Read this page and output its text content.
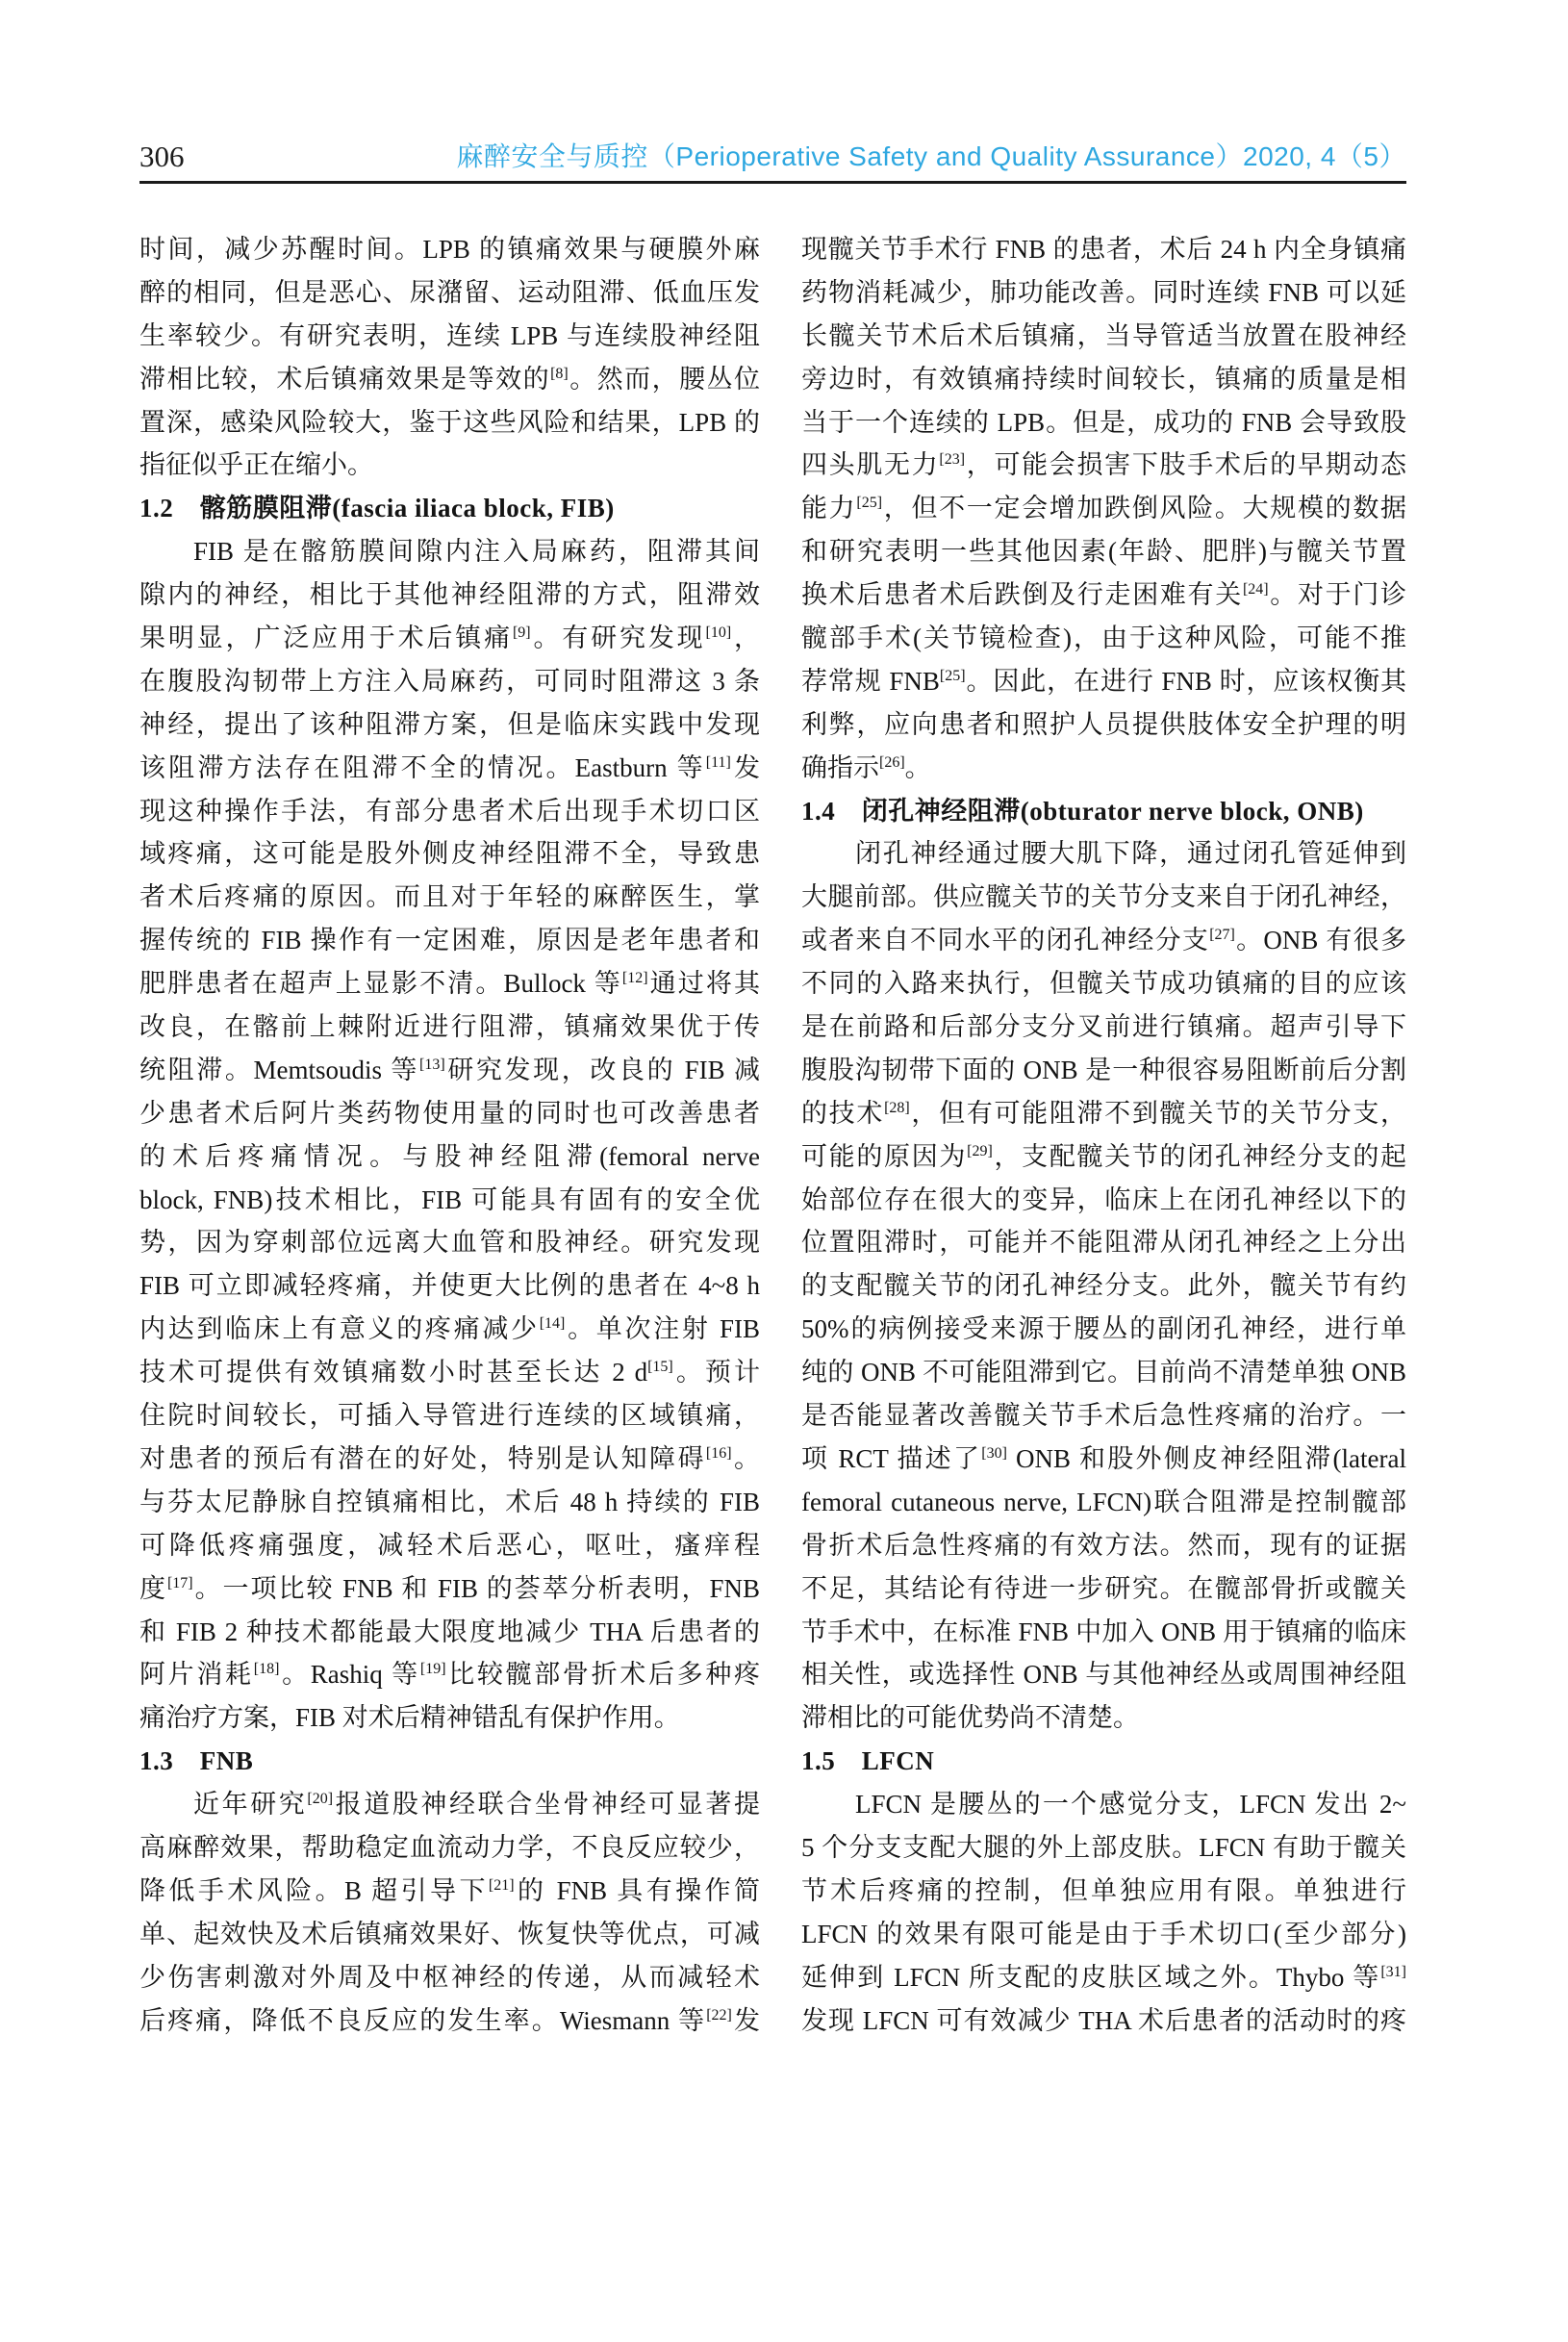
306	麻醉安全与质控（Perioperative Safety and Quality Assurance）2020, 4（5）
时间，减少苏醒时间。LPB 的镇痛效果与硬膜外麻
醉的相同，但是恶心、尿潴留、运动阻滞、低血压发
生率较少。有研究表明，连续 LPB 与连续股神经阻
滞相比较，术后镇痛效果是等效的[8]。然而，腰丛位
置深，感染风险较大，鉴于这些风险和结果，LPB 的
指征似乎正在缩小。
1.2　髂筋膜阻滞(fascia iliaca block, FIB)
FIB 是在髂筋膜间隙内注入局麻药，阻滞其间
隙内的神经，相比于其他神经阻滞的方式，阻滞效
果明显，广泛应用于术后镇痛[9]。有研究发现[10]，
在腹股沟韧带上方注入局麻药，可同时阻滞这 3 条
神经，提出了该种阻滞方案，但是临床实践中发现
该阻滞方法存在阻滞不全的情况。Eastburn 等[11]发
现这种操作手法，有部分患者术后出现手术切口区
域疼痛，这可能是股外侧皮神经阻滞不全，导致患
者术后疼痛的原因。而且对于年轻的麻醉医生，掌
握传统的 FIB 操作有一定困难，原因是老年患者和
肥胖患者在超声上显影不清。Bullock 等[12]通过将其
改良，在髂前上棘附近进行阻滞，镇痛效果优于传
统阻滞。Memtsoudis 等[13]研究发现，改良的 FIB 减
少患者术后阿片类药物使用量的同时也可改善患者
的术后疼痛情况。与股神经阻滞(femoral nerve
block, FNB)技术相比，FIB 可能具有固有的安全优
势，因为穿刺部位远离大血管和股神经。研究发现
FIB 可立即减轻疼痛，并使更大比例的患者在 4~8 h
内达到临床上有意义的疼痛减少[14]。单次注射 FIB
技术可提供有效镇痛数小时甚至长达 2 d[15]。预计
住院时间较长，可插入导管进行连续的区域镇痛，
对患者的预后有潜在的好处，特别是认知障碍[16]。
与芬太尼静脉自控镇痛相比，术后 48 h 持续的 FIB
可降低疼痛强度，减轻术后恶心，呕吐，瘙痒程
度[17]。一项比较 FNB 和 FIB 的荟萃分析表明，FNB
和 FIB 2 种技术都能最大限度地减少 THA 后患者的
阿片消耗[18]。Rashiq 等[19]比较髋部骨折术后多种疼
痛治疗方案，FIB 对术后精神错乱有保护作用。
1.3　FNB
近年研究[20]报道股神经联合坐骨神经可显著提
高麻醉效果，帮助稳定血流动力学，不良反应较少，
降低手术风险。B 超引导下[21]的 FNB 具有操作简
单、起效快及术后镇痛效果好、恢复快等优点，可减
少伤害刺激对外周及中枢神经的传递，从而减轻术
后疼痛，降低不良反应的发生率。Wiesmann 等[22]发
现髋关节手术行 FNB 的患者，术后 24 h 内全身镇痛
药物消耗减少，肺功能改善。同时连续 FNB 可以延
长髋关节术后术后镇痛，当导管适当放置在股神经
旁边时，有效镇痛持续时间较长，镇痛的质量是相
当于一个连续的 LPB。但是，成功的 FNB 会导致股
四头肌无力[23]，可能会损害下肢手术后的早期动态
能力[25]，但不一定会增加跌倒风险。大规模的数据
和研究表明一些其他因素(年龄、肥胖)与髋关节置
换术后患者术后跌倒及行走困难有关[24]。对于门诊
髋部手术(关节镜检查)，由于这种风险，可能不推
荐常规 FNB[25]。因此，在进行 FNB 时，应该权衡其
利弊，应向患者和照护人员提供肢体安全护理的明
确指示[26]。
1.4　闭孔神经阻滞(obturator nerve block, ONB)
闭孔神经通过腰大肌下降，通过闭孔管延伸到
大腿前部。供应髋关节的关节分支来自于闭孔神经，
或者来自不同水平的闭孔神经分支[27]。ONB 有很多
不同的入路来执行，但髋关节成功镇痛的目的应该
是在前路和后部分支分叉前进行镇痛。超声引导下
腹股沟韧带下面的 ONB 是一种很容易阻断前后分割
的技术[28]，但有可能阻滞不到髋关节的关节分支，
可能的原因为[29]，支配髋关节的闭孔神经分支的起
始部位存在很大的变异，临床上在闭孔神经以下的
位置阻滞时，可能并不能阻滞从闭孔神经之上分出
的支配髋关节的闭孔神经分支。此外，髋关节有约
50%的病例接受来源于腰丛的副闭孔神经，进行单
纯的 ONB 不可能阻滞到它。目前尚不清楚单独 ONB
是否能显著改善髋关节手术后急性疼痛的治疗。一
项 RCT 描述了[30] ONB 和股外侧皮神经阻滞(lateral
femoral cutaneous nerve, LFCN)联合阻滞是控制髋部
骨折术后急性疼痛的有效方法。然而，现有的证据
不足，其结论有待进一步研究。在髋部骨折或髋关
节手术中，在标准 FNB 中加入 ONB 用于镇痛的临床
相关性，或选择性 ONB 与其他神经丛或周围神经阻
滞相比的可能优势尚不清楚。
1.5　LFCN
LFCN 是腰丛的一个感觉分支，LFCN 发出 2~
5 个分支支配大腿的外上部皮肤。LFCN 有助于髋关
节术后疼痛的控制，但单独应用有限。单独进行
LFCN 的效果有限可能是由于手术切口(至少部分)
延伸到 LFCN 所支配的皮肤区域之外。Thybo 等[31]
发现 LFCN 可有效减少 THA 术后患者的活动时的疼
